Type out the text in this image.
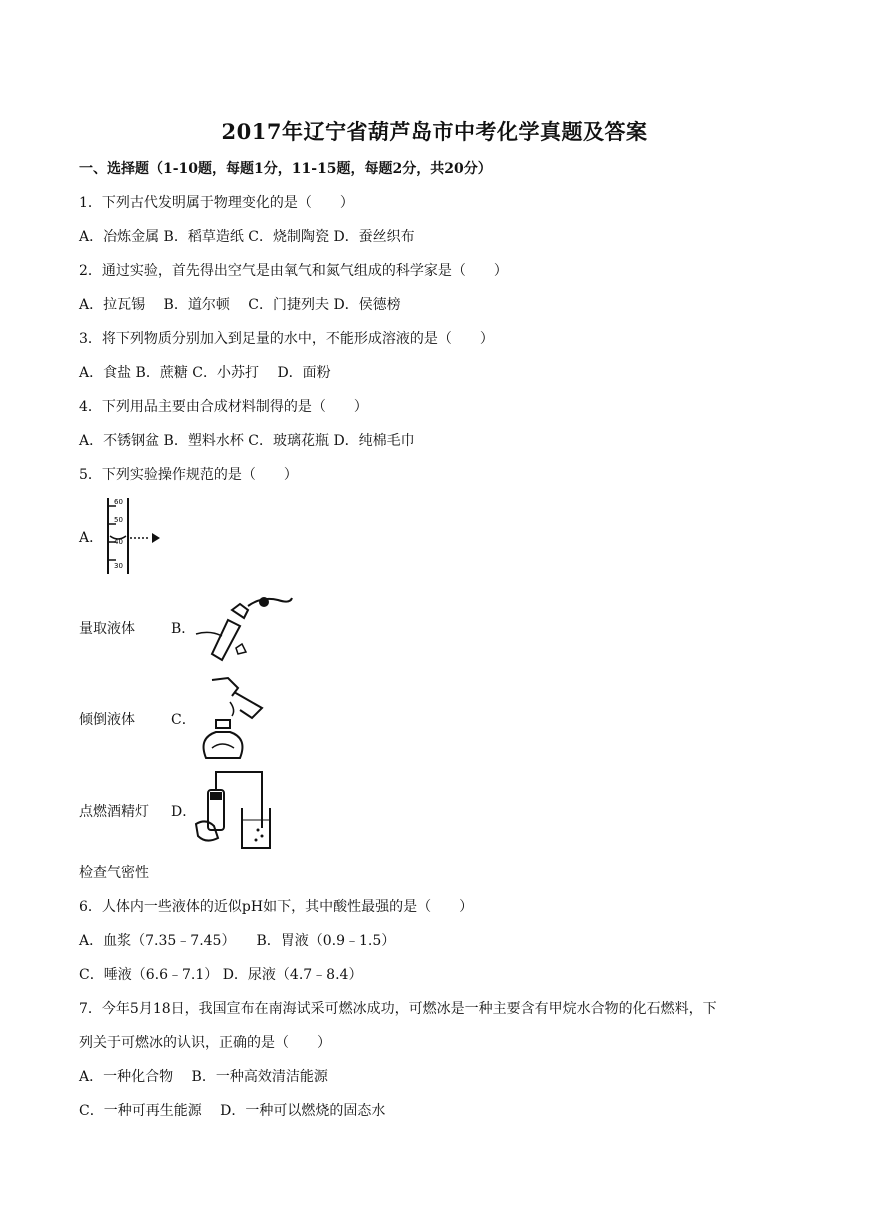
2017年辽宁省葫芦岛市中考化学真题及答案
一、选择题（1-10题，每题1分，11-15题，每题2分，共20分）
1．下列古代发明属于物理变化的是（　　）
A．冶炼金属 B．稻草造纸 C．烧制陶瓷 D．蚕丝织布
2．通过实验，首先得出空气是由氧气和氮气组成的科学家是（　　）
A．拉瓦锡　 B．道尔顿　 C．门捷列夫 D．侯德榜
3．将下列物质分别加入到足量的水中，不能形成溶液的是（　　）
A．食盐 B．蔗糖 C．小苏打　 D．面粉
4．下列用品主要由合成材料制得的是（　　）
A．不锈钢盆 B．塑料水杯 C．玻璃花瓶 D．纯棉毛巾
5．下列实验操作规范的是（　　）
A．
60
50
40
30
量取液体	B．
倾倒液体	C．
点燃酒精灯 D．
检查气密性
6．人体内一些液体的近似pH如下，其中酸性最强的是（　　）
A．血浆（7.35﹣7.45）　　B．胃液（0.9﹣1.5）
C．唾液（6.6﹣7.1） D．尿液（4.7﹣8.4）
7．今年5月18日，我国宣布在南海试采可燃冰成功，可燃冰是一种主要含有甲烷水合物的化石燃料，下
列关于可燃冰的认识，正确的是（　　）
A．一种化合物　 B．一种高效清洁能源
C．一种可再生能源　 D．一种可以燃烧的固态水
